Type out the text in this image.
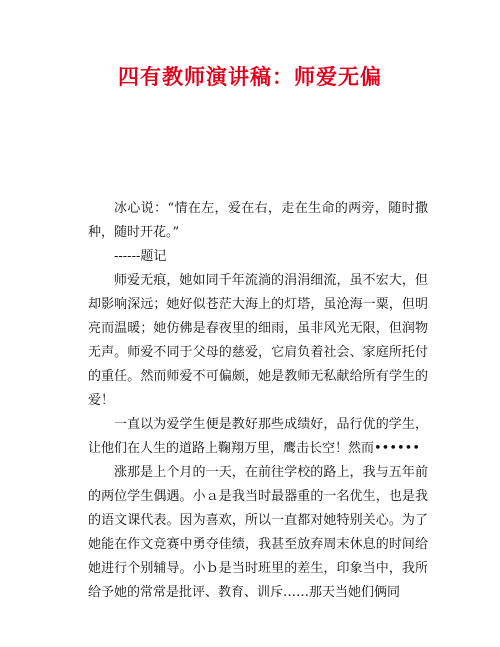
四有教师演讲稿：师爱无偏

冰心说：“情在左，爱在右，走在生命的两旁，随时撒种，随时开花。”

------题记

师爱无痕，她如同千年流淌的涓涓细流，虽不宏大，但却影响深远；她好似苍茫大海上的灯塔，虽沧海一粟，但明亮而温暖；她仿佛是春夜里的细雨，虽非风光无限，但润物无声。师爱不同于父母的慈爱，它肩负着社会、家庭所托付的重任。然而师爱不可偏颇，她是教师无私献给所有学生的爱！

一直以为爱学生便是教好那些成绩好，品行优的学生，让他们在人生的道路上鞠翔万里，鹰击长空！然而••••••

涨那是上个月的一天，在前往学校的路上，我与五年前的两位学生偶遇。小ａ是我当时最器重的一名优生，也是我的语文课代表。因为喜欢，所以一直都对她特别关心。为了她能在作文竞赛中勇夺佳绩，我甚至放弃周末休息的时间给她进行个别辅导。小ｂ是当时班里的差生，印象当中，我所给予她的常常是批评、教育、训斥……那天当她们俩同
